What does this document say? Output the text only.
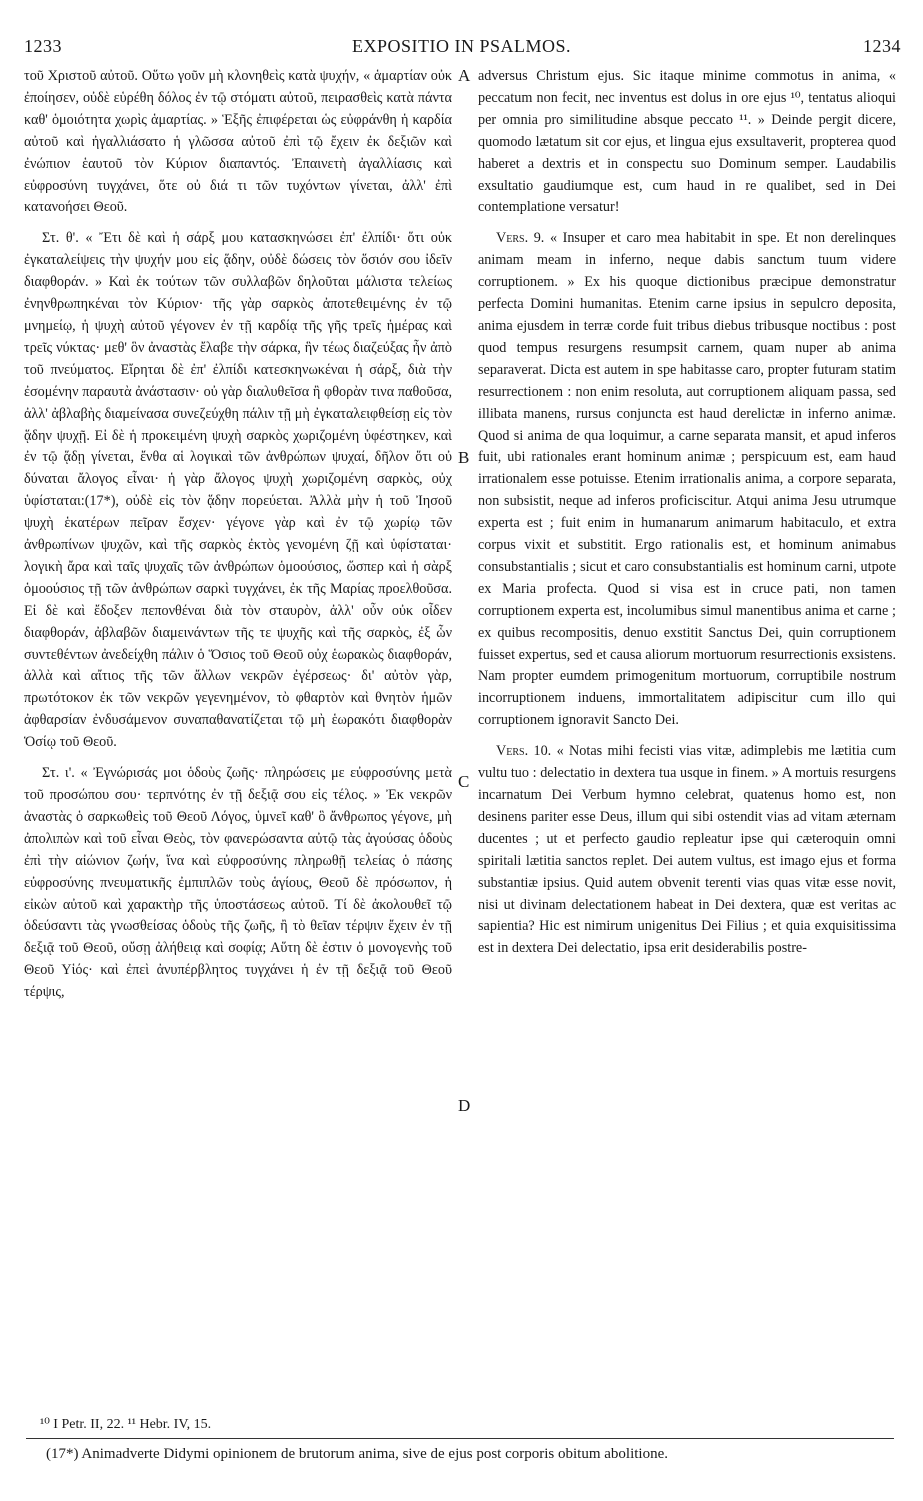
1233	EXPOSITIO IN PSALMOS.	1234

τοῦ Χριστοῦ αὐτοῦ. Οὕτω γοῦν μὴ κλονηθεὶς κατὰ ψυχήν, « ἁμαρτίαν οὐκ ἐποίησεν, οὐδὲ εὑρέθη δόλος ἐν τῷ στόματι αὐτοῦ, πειρασθεὶς κατὰ πάντα καθ' ὁμοιότητα χωρὶς ἁμαρτίας. » Ἑξῆς ἐπιφέρεται ὡς εὐφράνθη ἡ καρδία αὐτοῦ καὶ ἠγαλλιάσατο ἡ γλῶσσα αὐτοῦ ἐπὶ τῷ ἔχειν ἐκ δεξιῶν καὶ ἐνώπιον ἑαυτοῦ τὸν Κύριον διαπαντός. Ἐπαινετὴ ἀγαλλίασις καὶ εὐφροσύνη τυγχάνει, ὅτε οὐ διά τι τῶν τυχόντων γίνεται, ἀλλ' ἐπὶ κατανοήσει Θεοῦ.

Στ. θ'. « Ἔτι δὲ καὶ ἡ σάρξ μου κατασκηνώσει ἐπ' ἐλπίδι· ὅτι οὐκ ἐγκαταλείψεις τὴν ψυχήν μου εἰς ᾅδην, οὐδὲ δώσεις τὸν ὅσιόν σου ἰδεῖν διαφθοράν. » Καὶ ἐκ τούτων τῶν συλλαβῶν δηλοῦται μάλιστα τελείως ἐνηνθρωπηκέναι τὸν Κύριον· τῆς γὰρ σαρκὸς ἀποτεθειμένης ἐν τῷ μνημείῳ, ἡ ψυχὴ αὐτοῦ γέγονεν ἐν τῇ καρδίᾳ τῆς γῆς τρεῖς ἡμέρας καὶ τρεῖς νύκτας· μεθ' ὃν ἀναστὰς ἔλαβε τὴν σάρκα, ἣν τέως διαζεύξας ἦν ἀπὸ τοῦ πνεύματος. Εἴρηται δὲ ἐπ' ἐλπίδι κατεσκηνωκέναι ἡ σάρξ, διὰ τὴν ἐσομένην παραυτὰ ἀνάστασιν· οὐ γὰρ διαλυθεῖσα ἢ φθορὰν τινα παθοῦσα, ἀλλ' ἀβλαβὴς διαμείνασα συνεζεύχθη πάλιν τῇ μὴ ἐγκαταλειφθείσῃ εἰς τὸν ᾅδην ψυχῇ. Εἰ δὲ ἡ προκειμένη ψυχὴ σαρκὸς χωριζομένη ὑφέστηκεν, καὶ ἐν τῷ ᾅδῃ γίνεται, ἔνθα αἱ λογικαὶ τῶν ἀνθρώπων ψυχαί, δῆλον ὅτι οὐ δύναται ἄλογος εἶναι· ἡ γὰρ ἄλογος ψυχὴ χωριζομένη σαρκὸς, οὐχ ὑφίσταται:(17*), οὐδὲ εἰς τὸν ᾅδην πορεύεται. Ἀλλὰ μὴν ἡ τοῦ Ἰησοῦ ψυχὴ ἑκατέρων πεῖραν ἔσχεν· γέγονε γὰρ καὶ ἐν τῷ χωρίῳ τῶν ἀνθρωπίνων ψυχῶν, καὶ τῆς σαρκὸς ἐκτὸς γενομένη ζῇ καὶ ὑφίσταται· λογικὴ ἄρα καὶ ταῖς ψυχαῖς τῶν ἀνθρώπων ὁμοούσιος, ὥσπερ καὶ ἡ σὰρξ ὁμοούσιος τῇ τῶν ἀνθρώπων σαρκὶ τυγχάνει, ἐκ τῆς Μαρίας προελθοῦσα. Εἰ δὲ καὶ ἔδοξεν πεπονθέναι διὰ τὸν σταυρὸν, ἀλλ' οὖν οὐκ οἶδεν διαφθοράν, ἀβλαβῶν διαμεινάντων τῆς τε ψυχῆς καὶ τῆς σαρκὸς, ἐξ ὧν συντεθέντων ἀνεδείχθη πάλιν ὁ Ὅσιος τοῦ Θεοῦ οὐχ ἑωρακὼς διαφθοράν, ἀλλὰ καὶ αἴτιος τῆς τῶν ἄλλων νεκρῶν ἐγέρσεως· δι' αὐτὸν γὰρ, πρωτότοκον ἐκ τῶν νεκρῶν γεγενημένον, τὸ φθαρτὸν καὶ θνητὸν ἡμῶν ἀφθαρσίαν ἐνδυσάμενον συναπαθανατίζεται τῷ μὴ ἑωρακότι διαφθορὰν Ὁσίῳ τοῦ Θεοῦ.

Στ. ι'. « Ἐγνώρισάς μοι ὁδοὺς ζωῆς· πληρώσεις με εὐφροσύνης μετὰ τοῦ προσώπου σου· τερπνότης ἐν τῇ δεξιᾷ σου εἰς τέλος. » Ἐκ νεκρῶν ἀναστὰς ὁ σαρκωθεὶς τοῦ Θεοῦ Λόγος, ὑμνεῖ καθ' ὃ ἄνθρωπος γέγονε, μὴ ἀπολιπὼν καὶ τοῦ εἶναι Θεὸς, τὸν φανερώσαντα αὐτῷ τὰς ἀγούσας ὁδοὺς ἐπὶ τὴν αἰώνιον ζωήν, ἵνα καὶ εὐφροσύνης πληρωθῇ τελείας ὁ πάσης εὐφροσύνης πνευματικῆς ἐμπιπλῶν τοὺς ἁγίους, Θεοῦ δὲ πρόσωπον, ἡ εἰκὼν αὐτοῦ καὶ χαρακτὴρ τῆς ὑποστάσεως αὐτοῦ. Τί δὲ ἀκολουθεῖ τῷ ὁδεύσαντι τὰς γνωσθείσας ὁδοὺς τῆς ζωῆς, ἢ τὸ θεῖαν τέρψιν ἔχειν ἐν τῇ δεξιᾷ τοῦ Θεοῦ, οὔσῃ ἀλήθειᾳ καὶ σοφίᾳ; Αὕτη δὲ ἐστιν ὁ μονογενὴς τοῦ Θεοῦ Υἱός· καὶ ἐπεὶ ἀνυπέρβλητος τυγχάνει ἡ ἐν τῇ δεξιᾷ τοῦ Θεοῦ τέρψις,

adversus Christum ejus. Sic itaque minime commotus in anima, « peccatum non fecit, nec inventus est dolus in ore ejus ¹⁰, tentatus alioqui per omnia pro similitudine absque peccato ¹¹. » Deinde pergit dicere, quomodo lætatum sit cor ejus, et lingua ejus exsultaverit, propterea quod haberet a dextris et in conspectu suo Dominum semper. Laudabilis exsultatio gaudiumque est, cum haud in re qualibet, sed in Dei contemplatione versatur!

Vers. 9. « Insuper et caro mea habitabit in spe. Et non derelinques animam meam in inferno, neque dabis sanctum tuum videre corruptionem. » Ex his quoque dictionibus præcipue demonstratur perfecta Domini humanitas. Etenim carne ipsius in sepulcro deposita, anima ejusdem in terræ corde fuit tribus diebus tribusque noctibus : post quod tempus resurgens resumpsit carnem, quam nuper ab anima separaverat. Dicta est autem in spe habitasse caro, propter futuram statim resurrectionem : non enim resoluta, aut corruptionem aliquam passa, sed illibata manens, rursus conjuncta est haud derelictæ in inferno animæ. Quod si anima de qua loquimur, a carne separata mansit, et apud inferos fuit, ubi rationales erant hominum animæ ; perspicuum est, eam haud irrationalem esse potuisse. Etenim irrationalis anima, a corpore separata, non subsistit, neque ad inferos proficiscitur. Atqui anima Jesu utrumque experta est ; fuit enim in humanarum animarum habitaculo, et extra corpus vixit et substitit. Ergo rationalis est, et hominum animabus consubstantialis ; sicut et caro consubstantialis est hominum carni, utpote ex Maria profecta. Quod si visa est in cruce pati, non tamen corruptionem experta est, incolumibus simul manentibus anima et carne ; ex quibus recompositis, denuo exstitit Sanctus Dei, quin corruptionem fuisset expertus, sed et causa aliorum mortuorum resurrectionis exsistens. Nam propter eumdem primogenitum mortuorum, corruptibile nostrum incorruptionem induens, immortalitatem adipiscitur cum illo qui corruptionem ignoravit Sancto Dei.

Vers. 10. « Notas mihi fecisti vias vitæ, adimplebis me lætitia cum vultu tuo : delectatio in dextera tua usque in finem. » A mortuis resurgens incarnatum Dei Verbum hymno celebrat, quatenus homo est, non desinens pariter esse Deus, illum qui sibi ostendit vias ad vitam æternam ducentes ; ut et perfecto gaudio repleatur ipse qui cæteroquin omni spiritali lætitia sanctos replet. Dei autem vultus, est imago ejus et forma substantiæ ipsius. Quid autem obvenit terenti vias quas vitæ esse novit, nisi ut divinam delectationem habeat in Dei dextera, quæ est veritas ac sapientia? Hic est nimirum unigenitus Dei Filius ; et quia exquisitissima est in dextera Dei delectatio, ipsa erit desiderabilis postre-

A
B
C
D
¹⁰ I Petr. II, 22. ¹¹ Hebr. IV, 15.
(17*) Animadverte Didymi opinionem de brutorum anima, sive de ejus post corporis obitum abolitione.
